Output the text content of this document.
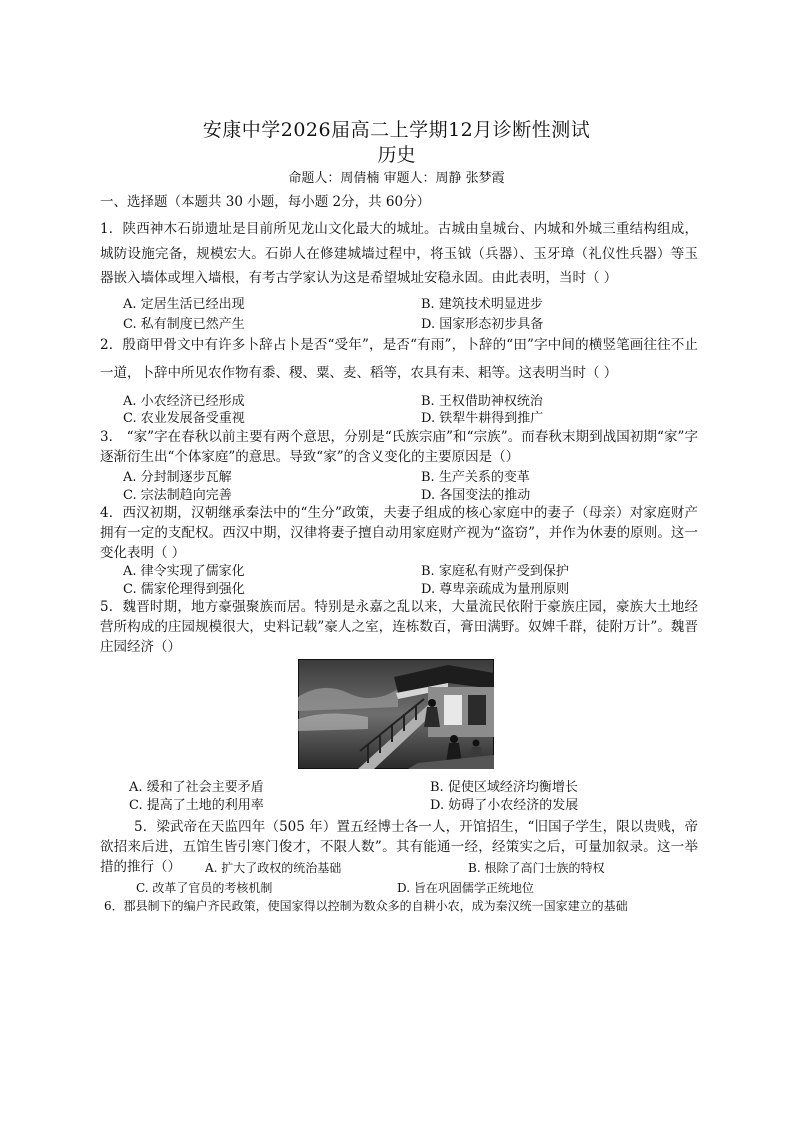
安康中学2026届高二上学期12月诊断性测试
历史
命题人：周倩楠 审题人：周静 张梦霞
一、选择题（本题共 30 小题，每小题 2分，共 60分）
1．陕西神木石峁遗址是目前所见龙山文化最大的城址。古城由皇城台、内城和外城三重结构组成，城防设施完备，规模宏大。石峁人在修建城墙过程中，将玉钺（兵器）、玉牙璋（礼仪性兵器）等玉器嵌入墙体或埋入墙根，有考古学家认为这是希望城址安稳永固。由此表明，当时（ ）
A. 定居生活已经出现	B. 建筑技术明显进步
C. 私有制度已然产生	D. 国家形态初步具备
2．殷商甲骨文中有许多卜辞占卜是否“受年”，是否“有雨”，卜辞的“田”字中间的横竖笔画往往不止一道，卜辞中所见农作物有黍、稷、粟、麦、稻等，农具有耒、耜等。这表明当时（ ）
A. 小农经济已经形成	B. 王权借助神权统治
C. 农业发展备受重视	D. 铁犁牛耕得到推广
3． “家”字在春秋以前主要有两个意思，分别是“氏族宗庙”和“宗族”。而春秋末期到战国初期“家”字逐渐衍生出“个体家庭”的意思。导致“家”的含义变化的主要原因是（）
A. 分封制逐步瓦解	B. 生产关系的变革
C. 宗法制趋向完善	D. 各国变法的推动
4．西汉初期，汉朝继承秦法中的“生分”政策，夫妻子组成的核心家庭中的妻子（母亲）对家庭财产拥有一定的支配权。西汉中期，汉律将妻子擅自动用家庭财产视为“盗窃”，并作为休妻的原则。这一变化表明（ ）
A. 律令实现了儒家化	B. 家庭私有财产受到保护
C. 儒家伦理得到强化	D. 尊卑亲疏成为量刑原则
5．魏晋时期，地方豪强聚族而居。特别是永嘉之乱以来，大量流民依附于豪族庄园，豪族大土地经营所构成的庄园规模很大，史料记载”豪人之室，连栋数百，膏田满野。奴婢千群，徒附万计”。魏晋庄园经济（）
A. 缓和了社会主要矛盾	B. 促使区域经济均衡增长
C. 提高了土地的利用率	D. 妨碍了小农经济的发展
5．梁武帝在天监四年（505 年）置五经博士各一人，开馆招生，“旧国子学生，限以贵贱，帝欲招来后进，五馆生皆引寒门俊才，不限人数”。其有能通一经，经策实之后，可量加叙录。这一举措的推行（）	A. 扩大了政权的统治基础	B. 根除了高门士族的特权
C. 改革了官员的考核机制	D. 旨在巩固儒学正统地位
6．郡县制下的编户齐民政策，使国家得以控制为数众多的自耕小农，成为秦汉统一国家建立的基础
